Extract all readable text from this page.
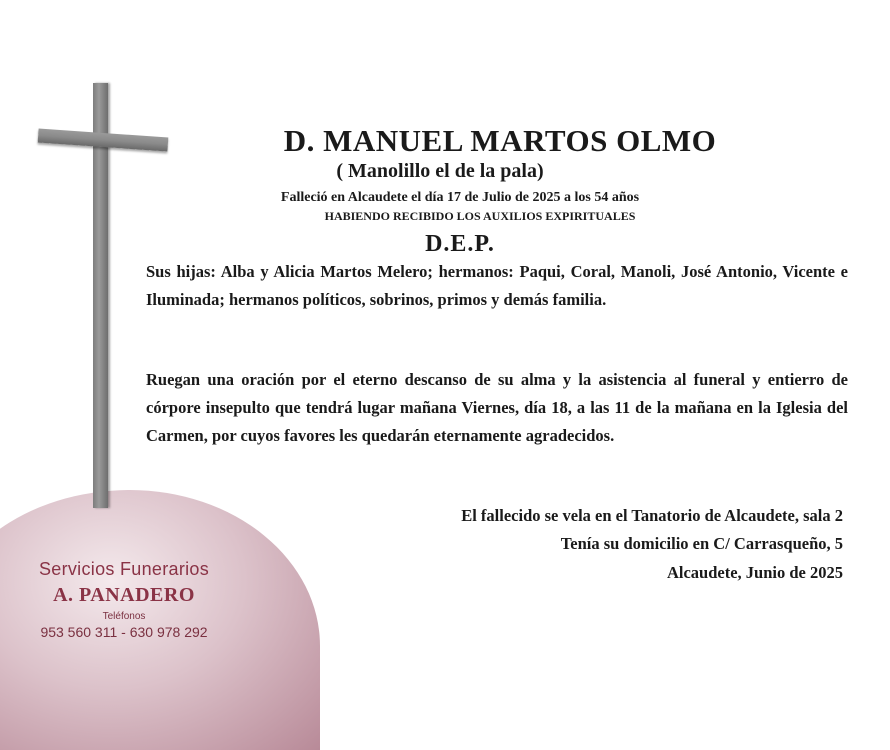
D. MANUEL MARTOS OLMO
( Manolillo el de la pala)
Falleció en Alcaudete el día 17 de Julio de 2025 a los 54 años
HABIENDO RECIBIDO LOS AUXILIOS EXPIRITUALES
D.E.P.
Sus hijas: Alba y Alicia Martos Melero; hermanos: Paqui, Coral, Manoli, José Antonio, Vicente e Iluminada; hermanos políticos, sobrinos, primos y demás familia.
Ruegan una oración por el eterno descanso de su alma y la asistencia al funeral y entierro de córpore insepulto que tendrá lugar mañana Viernes, día 18, a las 11 de la mañana en la Iglesia del Carmen, por cuyos favores les quedarán eternamente agradecidos.
El fallecido se vela en el Tanatorio de Alcaudete, sala 2
Tenía su domicilio en C/ Carrasqueño, 5
Alcaudete, Junio de 2025
Servicios Funerarios
A. PANADERO
Teléfonos
953 560 311 - 630 978 292
